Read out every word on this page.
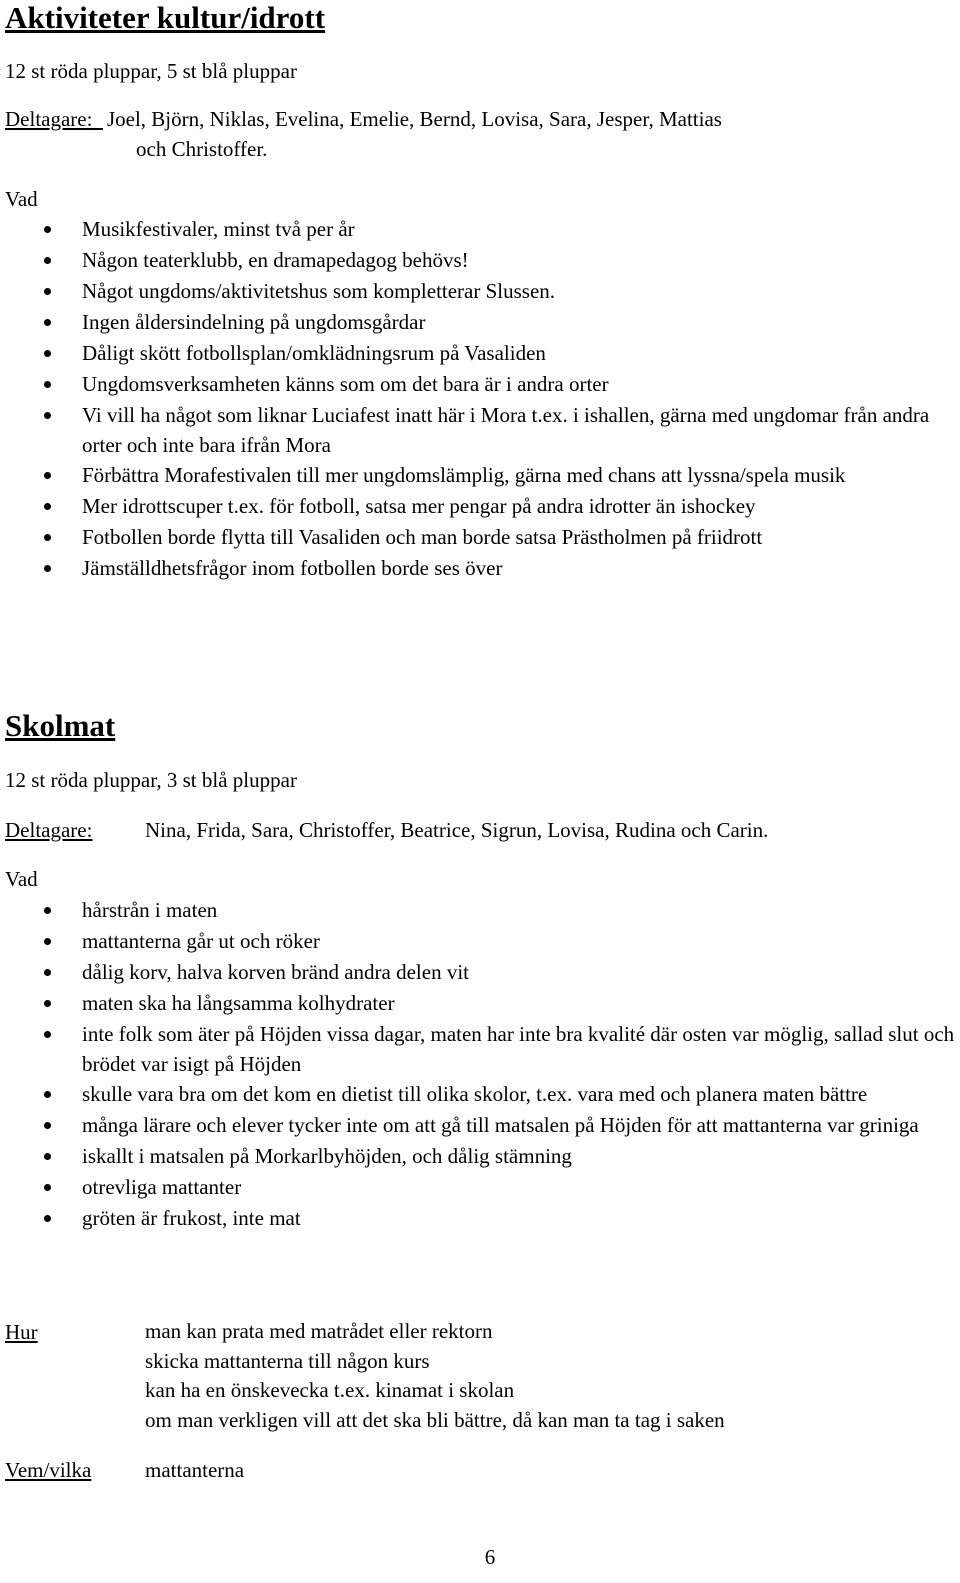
Aktiviteter kultur/idrott
12 st röda pluppar, 5 st blå pluppar
Deltagare: Joel, Björn, Niklas, Evelina, Emelie, Bernd, Lovisa, Sara, Jesper, Mattias
och Christoffer.
Vad
Musikfestivaler, minst två per år
Någon teaterklubb, en dramapedagog behövs!
Något ungdoms/aktivitetshus som kompletterar Slussen.
Ingen åldersindelning på ungdomsgårdar
Dåligt skött fotbollsplan/omklädningsrum på Vasaliden
Ungdomsverksamheten känns som om det bara är i andra orter
Vi vill ha något som liknar Luciafest inatt här i Mora t.ex. i ishallen, gärna med ungdomar från andra orter och inte bara ifrån Mora
Förbättra Morafestivalen till mer ungdomslämplig, gärna med chans att lyssna/spela musik
Mer idrottscuper t.ex. för fotboll, satsa mer pengar på andra idrotter än ishockey
Fotbollen borde flytta till Vasaliden och man borde satsa Prästholmen på friidrott
Jämställdhetsfrågor inom fotbollen borde ses över
Skolmat
12 st röda pluppar, 3 st blå pluppar
Deltagare:	Nina, Frida, Sara, Christoffer, Beatrice, Sigrun, Lovisa, Rudina och Carin.
Vad
hårstrån i maten
mattanterna går ut och röker
dålig korv, halva korven bränd andra delen vit
maten ska ha långsamma kolhydrater
inte folk som äter på Höjden vissa dagar, maten har inte bra kvalité där osten var möglig, sallad slut och brödet var isigt på Höjden
skulle vara bra om det kom en dietist till olika skolor, t.ex. vara med och planera maten bättre
många lärare och elever tycker inte om att gå till matsalen på Höjden för att mattanterna var griniga
iskallt i matsalen på Morkarlbyhöjden, och dålig stämning
otrevliga mattanter
gröten är frukost, inte mat
Hur	man kan prata med matrådet eller rektorn
skicka mattanterna till någon kurs
kan ha en önskevecka t.ex. kinamat i skolan
om man verkligen vill att det ska bli bättre, då kan man ta tag i saken
Vem/vilka	mattanterna
6
